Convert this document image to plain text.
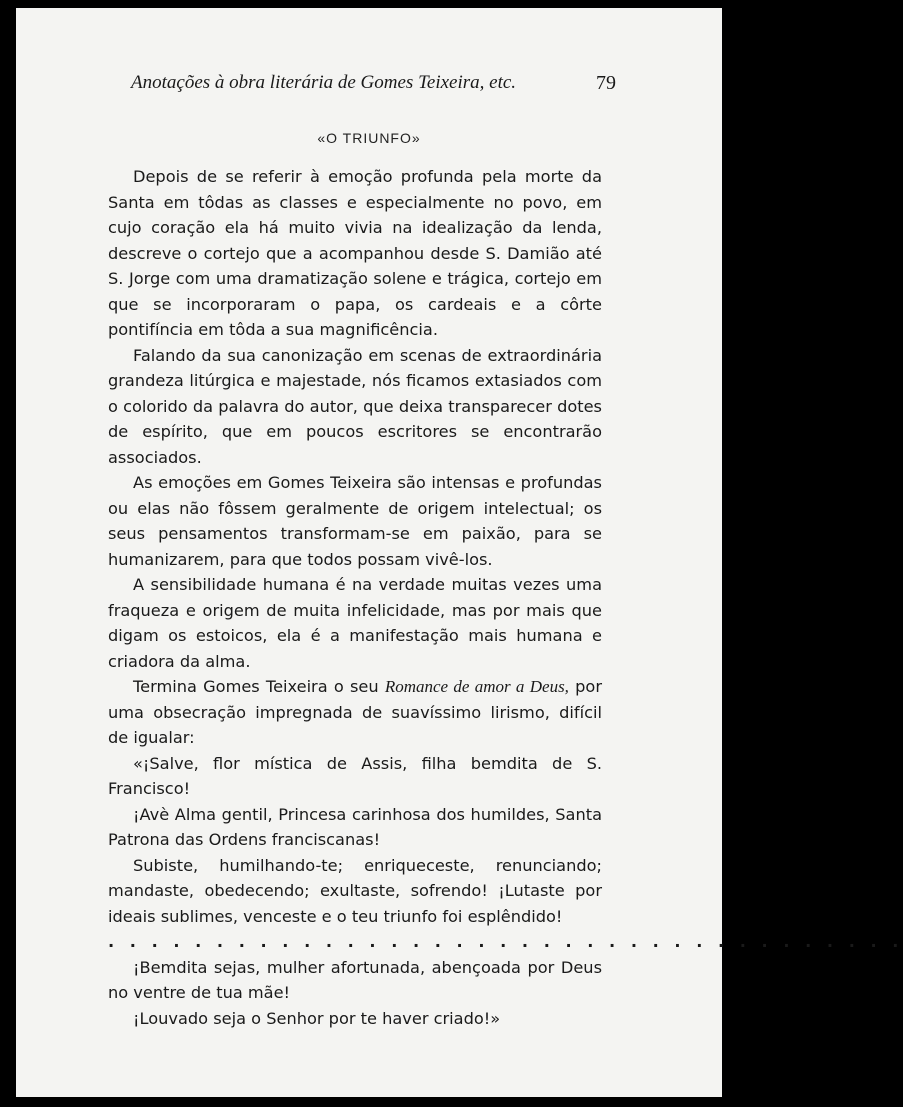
Anotações à obra literária de Gomes Teixeira, etc.	79
«O TRIUNFO»

Depois de se referir à emoção profunda pela morte da Santa em tôdas as classes e especialmente no povo, em cujo coração ela há muito vivia na idealização da lenda, descreve o cortejo que a acompanhou desde S. Damião até S. Jorge com uma dramatização solene e trágica, cortejo em que se incorporaram o papa, os cardeais e a côrte pontifíncia em tôda a sua magnificência.

Falando da sua canonização em scenas de extraordinária grandeza litúrgica e majestade, nós ficamos extasiados com o colorido da palavra do autor, que deixa transparecer dotes de espírito, que em poucos escritores se encontrarão associados.

As emoções em Gomes Teixeira são intensas e profundas ou elas não fôssem geralmente de origem intelectual; os seus pensamentos transformam-se em paixão, para se humanizarem, para que todos possam vivê-los.

A sensibilidade humana é na verdade muitas vezes uma fraqueza e origem de muita infelicidade, mas por mais que digam os estoicos, ela é a manifestação mais humana e criadora da alma.

Termina Gomes Teixeira o seu Romance de amor a Deus, por uma obsecração impregnada de suavíssimo lirismo, difícil de igualar:

«¡Salve, flor mística de Assis, filha bemdita de S. Francisco!

¡Avè Alma gentil, Princesa carinhosa dos humildes, Santa Patrona das Ordens franciscanas!

Subiste, humilhando-te; enriqueceste, renunciando; mandaste, obedecendo; exultaste, sofrendo! ¡Lutaste por ideais sublimes, venceste e o teu triunfo foi esplêndido!

. . . . . . . . . . . . . . . . . . . . . . . . . . . . . . . . . . . . .

¡Bemdita sejas, mulher afortunada, abençoada por Deus no ventre de tua mãe!

¡Louvado seja o Senhor por te haver criado!»
